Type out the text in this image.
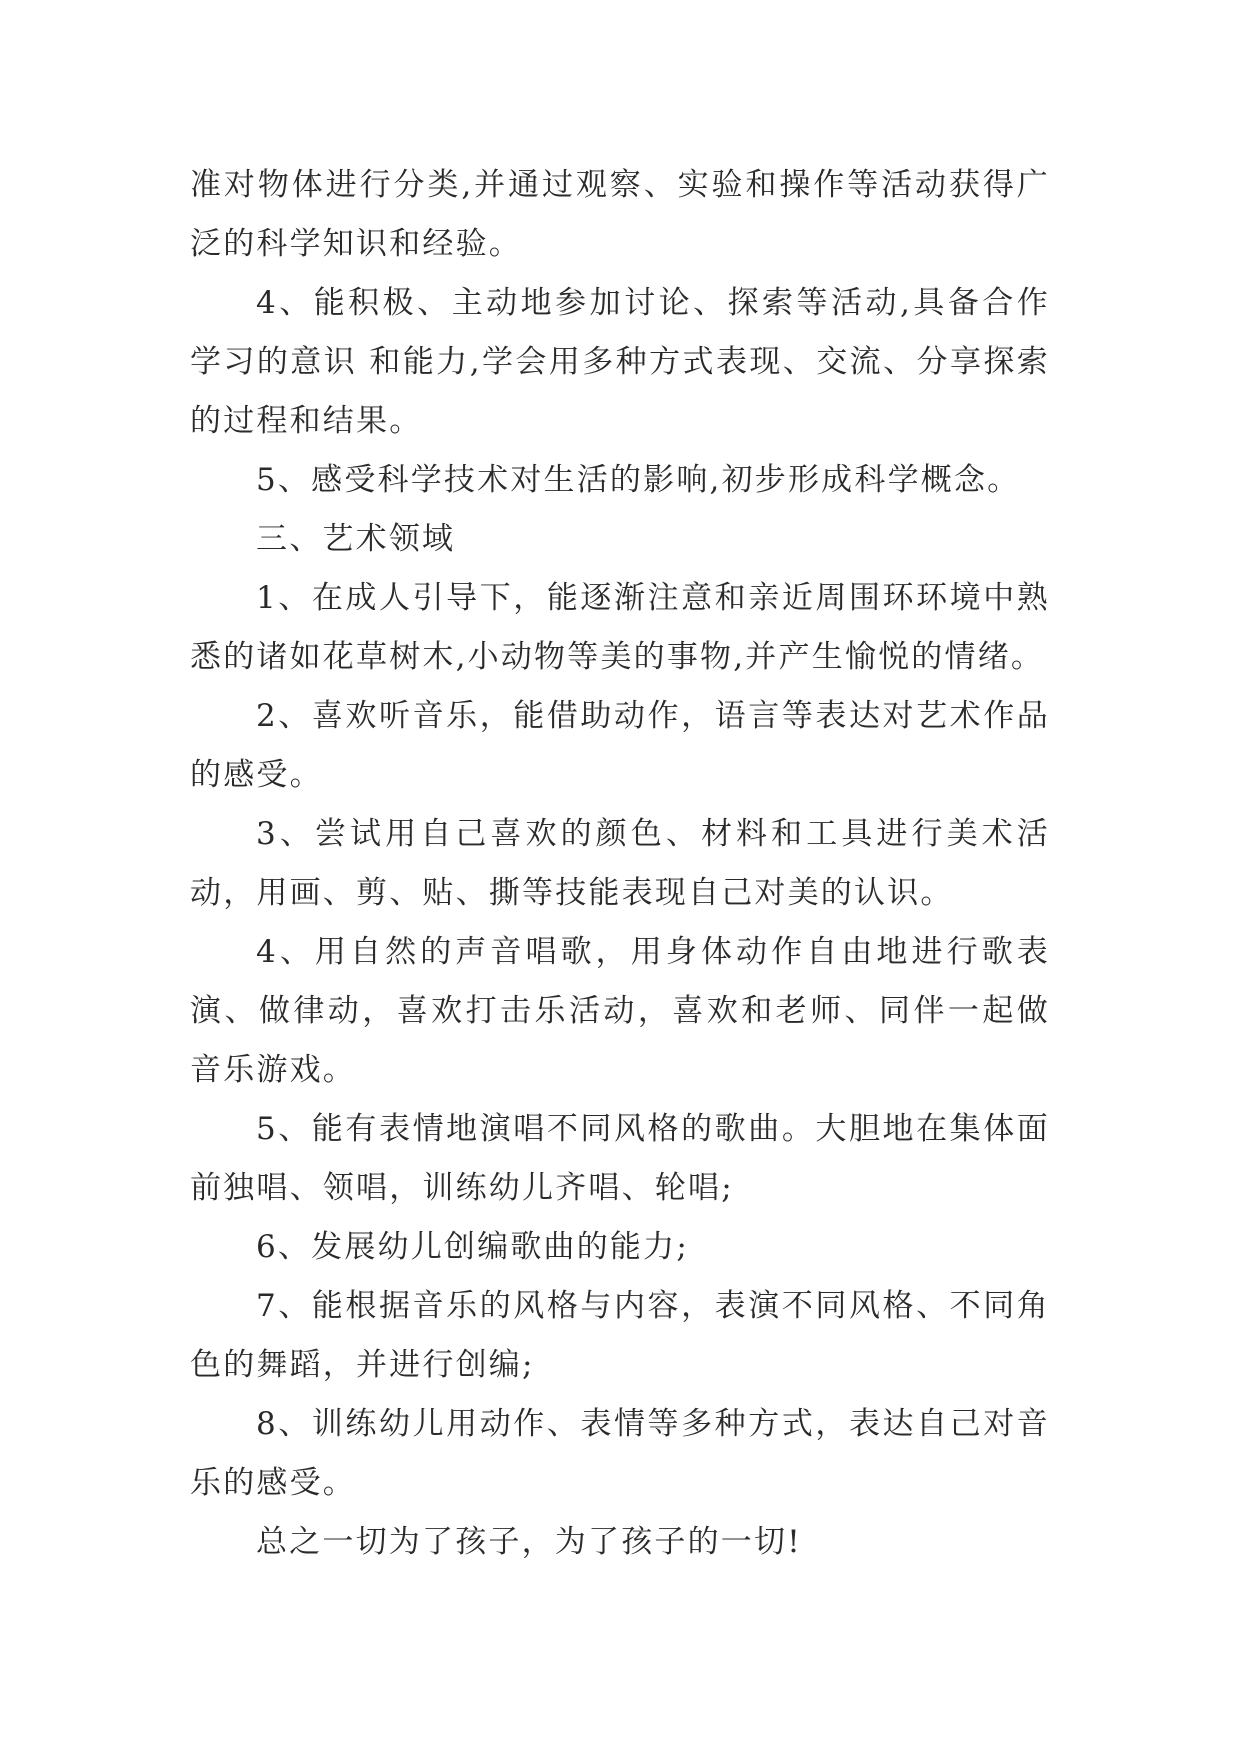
准对物体进行分类,并通过观察、实验和操作等活动获得广泛的科学知识和经验。

4、能积极、主动地参加讨论、探索等活动,具备合作学习的意识 和能力,学会用多种方式表现、交流、分享探索的过程和结果。

5、感受科学技术对生活的影响,初步形成科学概念。

三、艺术领域

1、在成人引导下，能逐渐注意和亲近周围环环境中熟悉的诸如花草树木,小动物等美的事物,并产生愉悦的情绪。

2、喜欢听音乐，能借助动作，语言等表达对艺术作品的感受。

3、尝试用自己喜欢的颜色、材料和工具进行美术活动，用画、剪、贴、撕等技能表现自己对美的认识。

4、用自然的声音唱歌，用身体动作自由地进行歌表演、做律动，喜欢打击乐活动，喜欢和老师、同伴一起做音乐游戏。

5、能有表情地演唱不同风格的歌曲。大胆地在集体面前独唱、领唱，训练幼儿齐唱、轮唱;

6、发展幼儿创编歌曲的能力;

7、能根据音乐的风格与内容，表演不同风格、不同角色的舞蹈，并进行创编;

8、训练幼儿用动作、表情等多种方式，表达自己对音乐的感受。

总之一切为了孩子，为了孩子的一切!
